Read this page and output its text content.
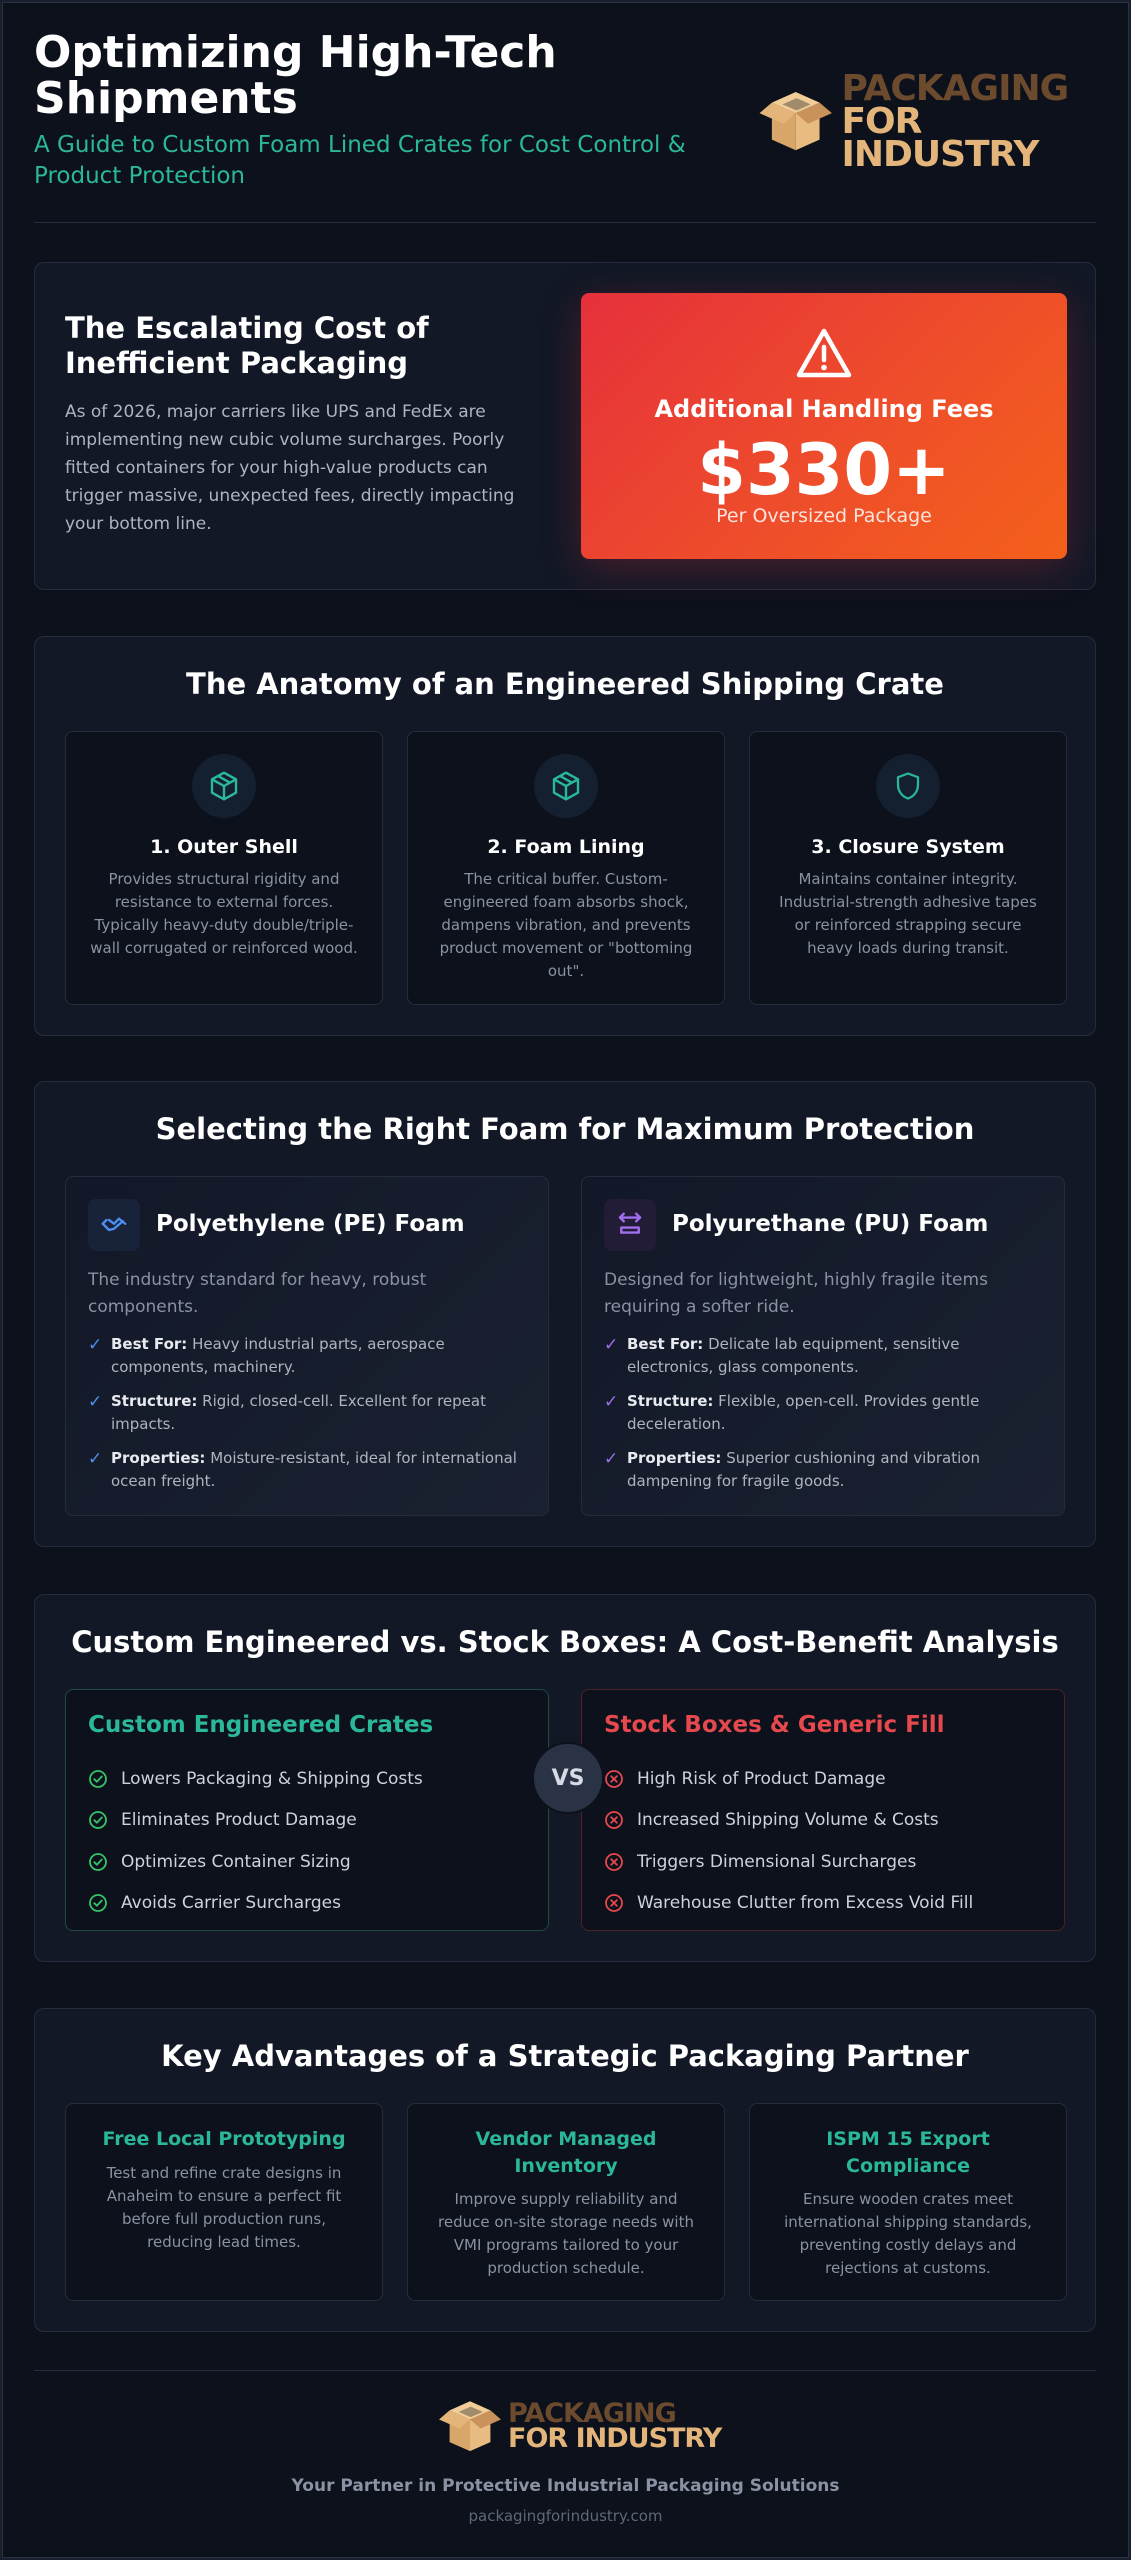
Optimizing High-Tech Shipments

A Guide to Custom Foam Lined Crates for Cost Control & Product Protection

PACKAGING
FOR INDUSTRY
The Escalating Cost of Inefficient Packaging

As of 2026, major carriers like UPS and FedEx are implementing new cubic volume surcharges. Poorly fitted containers for your high-value products can trigger massive, unexpected fees, directly impacting your bottom line.

Additional Handling Fees
$330+
Per Oversized Package
The Anatomy of an Engineered Shipping Crate
1. Outer Shell
Provides structural rigidity and resistance to external forces. Typically heavy-duty double/triple-wall corrugated or reinforced wood.
2. Foam Lining
The critical buffer. Custom-engineered foam absorbs shock, dampens vibration, and prevents product movement or "bottoming out".
3. Closure System
Maintains container integrity. Industrial-strength adhesive tapes or reinforced strapping secure heavy loads during transit.
Selecting the Right Foam for Maximum Protection
Polyethylene (PE) Foam
The industry standard for heavy, robust components.
✓ Best For: Heavy industrial parts, aerospace components, machinery.
✓ Structure: Rigid, closed-cell. Excellent for repeat impacts.
✓ Properties: Moisture-resistant, ideal for international ocean freight.
Polyurethane (PU) Foam
Designed for lightweight, highly fragile items requiring a softer ride.
✓ Best For: Delicate lab equipment, sensitive electronics, glass components.
✓ Structure: Flexible, open-cell. Provides gentle deceleration.
✓ Properties: Superior cushioning and vibration dampening for fragile goods.
Custom Engineered vs. Stock Boxes: A Cost-Benefit Analysis
Custom Engineered Crates
Lowers Packaging & Shipping Costs
Eliminates Product Damage
Optimizes Container Sizing
Avoids Carrier Surcharges
Stock Boxes & Generic Fill
High Risk of Product Damage
Increased Shipping Volume & Costs
Triggers Dimensional Surcharges
Warehouse Clutter from Excess Void Fill
VS
Key Advantages of a Strategic Packaging Partner
Free Local Prototyping
Test and refine crate designs in Anaheim to ensure a perfect fit before full production runs, reducing lead times.
Vendor Managed Inventory
Improve supply reliability and reduce on-site storage needs with VMI programs tailored to your production schedule.
ISPM 15 Export Compliance
Ensure wooden crates meet international shipping standards, preventing costly delays and rejections at customs.
PACKAGING
FOR INDUSTRY
Your Partner in Protective Industrial Packaging Solutions
packagingforindustry.com
